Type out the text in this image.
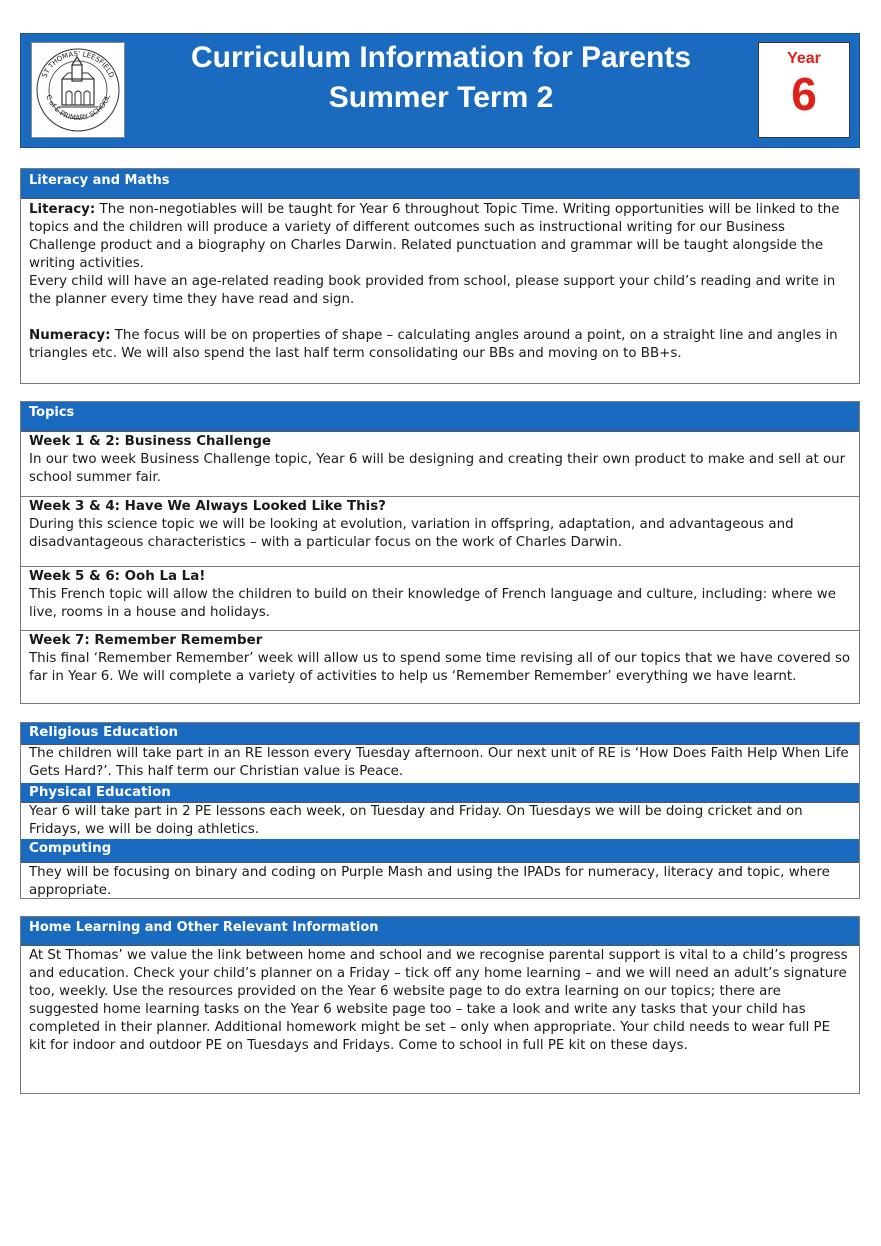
ST THOMAS' LEESFIELD
C of E PRIMARY SCHOOL
Curriculum Information for Parents
Summer Term 2
Year
6
Literacy and Maths

Literacy: The non-negotiables will be taught for Year 6 throughout Topic Time. Writing opportunities will be linked to the topics and the children will produce a variety of different outcomes such as instructional writing for our Business Challenge product and a biography on Charles Darwin. Related punctuation and grammar will be taught alongside the writing activities.

Every child will have an age-related reading book provided from school, please support your child’s reading and write in the planner every time they have read and sign.

Numeracy: The focus will be on properties of shape – calculating angles around a point, on a straight line and angles in triangles etc. We will also spend the last half term consolidating our BBs and moving on to BB+s.

Topics
Week 1 & 2: Business Challenge

In our two week Business Challenge topic, Year 6 will be designing and creating their own product to make and sell at our school summer fair.

Week 3 & 4: Have We Always Looked Like This?

During this science topic we will be looking at evolution, variation in offspring, adaptation, and advantageous and disadvantageous characteristics – with a particular focus on the work of Charles Darwin.

Week 5 & 6: Ooh La La!

This French topic will allow the children to build on their knowledge of French language and culture, including: where we live, rooms in a house and holidays.

Week 7: Remember Remember

This final ‘Remember Remember’ week will allow us to spend some time revising all of our topics that we have covered so far in Year 6. We will complete a variety of activities to help us ‘Remember Remember’ everything we have learnt.

Religious Education
The children will take part in an RE lesson every Tuesday afternoon. Our next unit of RE is ‘How Does Faith Help When Life Gets Hard?’. This half term our Christian value is Peace.
Physical Education
Year 6 will take part in 2 PE lessons each week, on Tuesday and Friday. On Tuesdays we will be doing cricket and on Fridays, we will be doing athletics.
Computing
They will be focusing on binary and coding on Purple Mash and using the IPADs for numeracy, literacy and topic, where appropriate.
Home Learning and Other Relevant Information
At St Thomas’ we value the link between home and school and we recognise parental support is vital to a child’s progress and education. Check your child’s planner on a Friday – tick off any home learning – and we will need an adult’s signature too, weekly. Use the resources provided on the Year 6 website page to do extra learning on our topics; there are suggested home learning tasks on the Year 6 website page too – take a look and write any tasks that your child has completed in their planner. Additional homework might be set – only when appropriate. Your child needs to wear full PE kit for indoor and outdoor PE on Tuesdays and Fridays. Come to school in full PE kit on these days.
